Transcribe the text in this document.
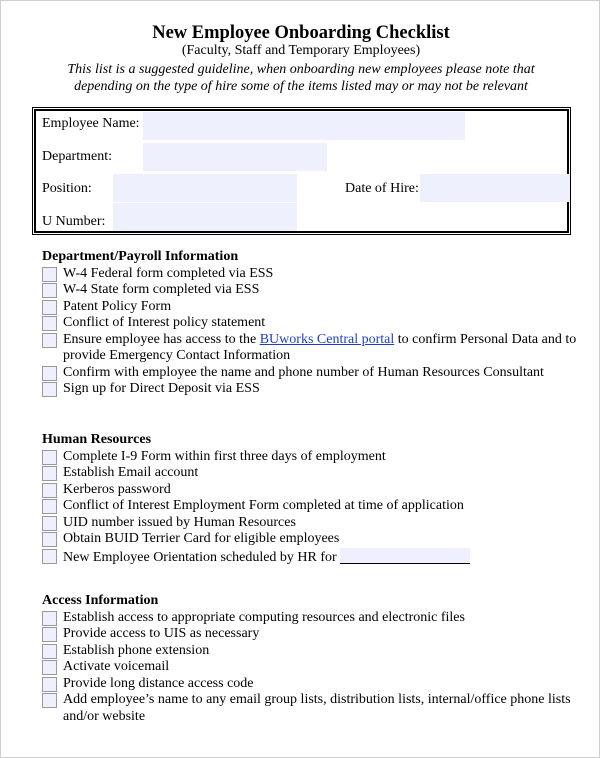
New Employee Onboarding Checklist
(Faculty, Staff and Temporary Employees)
This list is a suggested guideline, when onboarding new employees please note that
depending on the type of hire some of the items listed may or may not be relevant
Employee Name:
Department:
Position:	Date of Hire:
U Number:
Department/Payroll Information
W-4 Federal form completed via ESS
W-4 State form completed via ESS
Patent Policy Form
Conflict of Interest policy statement
Ensure employee has access to the BUworks Central portal to confirm Personal Data and to provide Emergency Contact Information
Confirm with employee the name and phone number of Human Resources Consultant
Sign up for Direct Deposit via ESS
Human Resources
Complete I-9 Form within first three days of employment
Establish Email account
Kerberos password
Conflict of Interest Employment Form completed at time of application
UID number issued by Human Resources
Obtain BUID Terrier Card for eligible employees
New Employee Orientation scheduled by HR for
Access Information
Establish access to appropriate computing resources and electronic files
Provide access to UIS as necessary
Establish phone extension
Activate voicemail
Provide long distance access code
Add employee’s name to any email group lists, distribution lists, internal/office phone lists and/or website
